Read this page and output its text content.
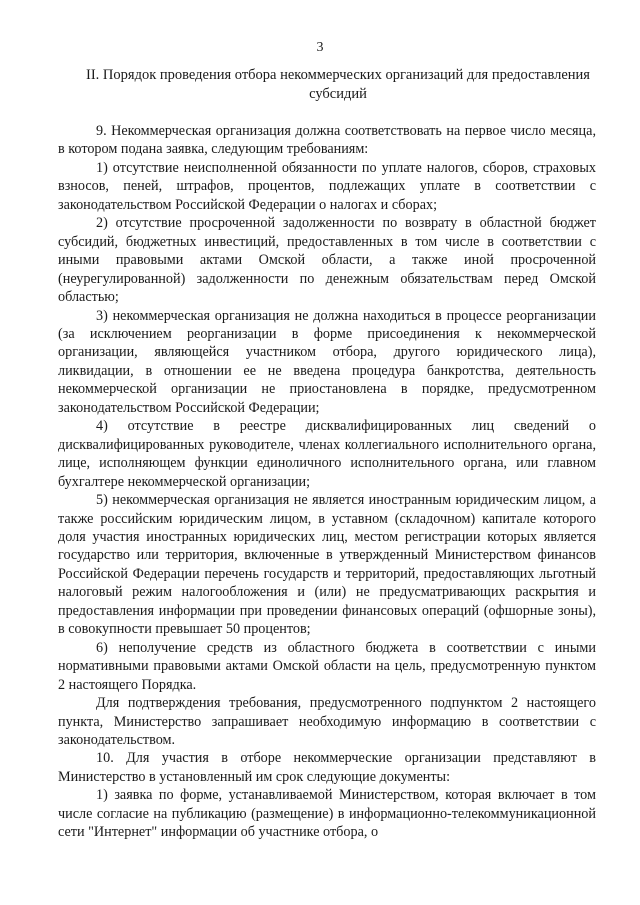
3
II. Порядок проведения отбора некоммерческих организаций для предоставления субсидий

9. Некоммерческая организация должна соответствовать на первое число месяца, в котором подана заявка, следующим требованиям:

1) отсутствие неисполненной обязанности по уплате налогов, сборов, страховых взносов, пеней, штрафов, процентов, подлежащих уплате в соответствии с законодательством Российской Федерации о налогах и сборах;

2) отсутствие просроченной задолженности по возврату в областной бюджет субсидий, бюджетных инвестиций, предоставленных в том числе в соответствии с иными правовыми актами Омской области, а также иной просроченной (неурегулированной) задолженности по денежным обязательствам перед Омской областью;

3) некоммерческая организация не должна находиться в процессе реорганизации (за исключением реорганизации в форме присоединения к некоммерческой организации, являющейся участником отбора, другого юридического лица), ликвидации, в отношении ее не введена процедура банкротства, деятельность некоммерческой организации не приостановлена в порядке, предусмотренном законодательством Российской Федерации;

4) отсутствие в реестре дисквалифицированных лиц сведений о дисквалифицированных руководителе, членах коллегиального исполнительного органа, лице, исполняющем функции единоличного исполнительного органа, или главном бухгалтере некоммерческой организации;

5) некоммерческая организация не является иностранным юридическим лицом, а также российским юридическим лицом, в уставном (складочном) капитале которого доля участия иностранных юридических лиц, местом регистрации которых является государство или территория, включенные в утвержденный Министерством финансов Российской Федерации перечень государств и территорий, предоставляющих льготный налоговый режим налогообложения и (или) не предусматривающих раскрытия и предоставления информации при проведении финансовых операций (офшорные зоны), в совокупности превышает 50 процентов;

6) неполучение средств из областного бюджета в соответствии с иными нормативными правовыми актами Омской области на цель, предусмотренную пунктом 2 настоящего Порядка.

Для подтверждения требования, предусмотренного подпунктом 2 настоящего пункта, Министерство запрашивает необходимую информацию в соответствии с законодательством.

10. Для участия в отборе некоммерческие организации представляют в Министерство в установленный им срок следующие документы:

1) заявка по форме, устанавливаемой Министерством, которая включает в том числе согласие на публикацию (размещение) в информационно-телекоммуникационной сети "Интернет" информации об участнике отбора, о
